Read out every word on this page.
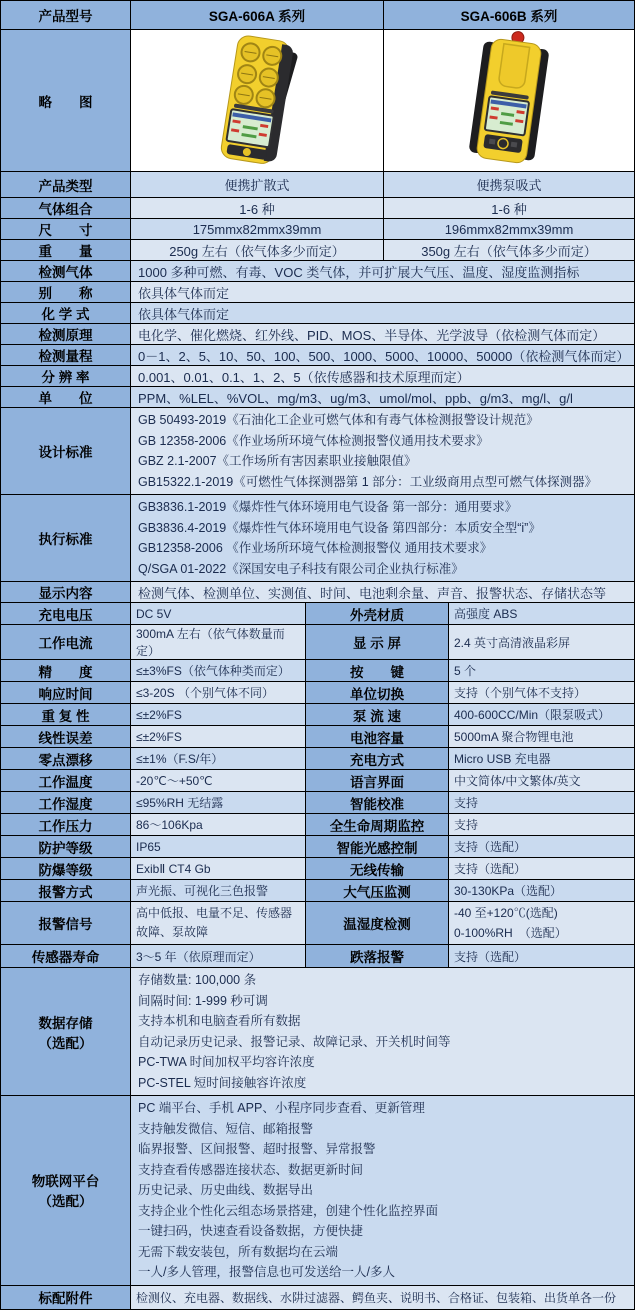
产品型号	SGA-606A 系列	SGA-606B 系列
略　　图	

产品类型	便携扩散式	便携泵吸式
气体组合	1-6 种	1-6 种
尺　　寸	175mmx82mmx39mm	196mmx82mmx39mm
重　　量	250g 左右（依气体多少而定）	350g 左右（依气体多少而定）
检测气体	1000 多种可燃、有毒、VOC 类气体，并可扩展大气压、温度、湿度监测指标
别　　称	依具体气体而定
化 学 式	依具体气体而定
检测原理	电化学、催化燃烧、红外线、PID、MOS、半导体、光学波导（依检测气体而定）
检测量程	0－1、2、5、10、50、100、500、1000、5000、10000、50000（依检测气体而定）
分 辨 率	0.001、0.01、0.1、1、2、5（依传感器和技术原理而定）
单　　位	PPM、%LEL、%VOL、mg/m3、ug/m3、umol/mol、ppb、g/m3、mg/l、g/l
设计标准	GB 50493-2019《石油化工企业可燃气体和有毒气体检测报警设计规范》
GB 12358-2006《作业场所环境气体检测报警仪通用技术要求》
GBZ 2.1-2007《工作场所有害因素职业接触限值》
GB15322.1-2019《可燃性气体探测器第 1 部分：工业级商用点型可燃气体探测器》

执行标准	GB3836.1-2019《爆炸性气体环境用电气设备 第一部分：通用要求》
GB3836.4-2019《爆炸性气体环境用电气设备 第四部分：本质安全型“i”》
GB12358-2006 《作业场所环境气体检测报警仪 通用技术要求》
Q/SGA 01-2022《深国安电子科技有限公司企业执行标准》

显示内容	检测气体、检测单位、实测值、时间、电池剩余量、声音、报警状态、存储状态等
充电电压	DC 5V	外壳材质	高强度 ABS
工作电流	300mA 左右（依气体数量而定）	显 示 屏	2.4 英寸高清液晶彩屏
精　　度	≤±3%FS（依气体种类而定）	按　　键	5 个
响应时间	≤3-20S （个别气体不同）	单位切换	支持（个别气体不支持）
重 复 性	≤±2%FS	泵 流 速	400-600CC/Min（限泵吸式）
线性误差	≤±2%FS	电池容量	5000mA 聚合物锂电池
零点漂移	≤±1%（F.S/年）	充电方式	Micro USB 充电器
工作温度	-20℃～+50℃	语言界面	中文简体/中文繁体/英文
工作湿度	≤95%RH 无结露	智能校准	支持
工作压力	86～106Kpa	全生命周期监控	支持
防护等级	IP65	智能光感控制	支持（选配）
防爆等级	ExibⅡ CT4 Gb	无线传输	支持（选配）
报警方式	声光振、可视化三色报警	大气压监测	30-130KPa（选配）
报警信号	高中低报、电量不足、传感器故障、泵故障	温湿度检测	-40 至+120℃(选配)
0-100%RH　（选配）

传感器寿命	3～5 年（依原理而定）	跌落报警	支持（选配）
数据存储
（选配）

存储数量: 100,000 条
间隔时间: 1-999 秒可调
支持本机和电脑查看所有数据
自动记录历史记录、报警记录、故障记录、开关机时间等
PC-TWA 时间加权平均容许浓度
PC-STEL 短时间接触容许浓度

物联网平台
（选配）

PC 端平台、手机 APP、小程序同步查看、更新管理
支持触发微信、短信、邮箱报警
临界报警、区间报警、超时报警、异常报警
支持查看传感器连接状态、数据更新时间
历史记录、历史曲线、数据导出
支持企业个性化云组态场景搭建，创建个性化监控界面
一键扫码，快速查看设备数据，方便快捷
无需下载安装包，所有数据均在云端
一人/多人管理，报警信息也可发送给一人/多人

标配附件	检测仪、充电器、数据线、水阱过滤器、鳄鱼夹、说明书、合格证、包装箱、出货单各一份
